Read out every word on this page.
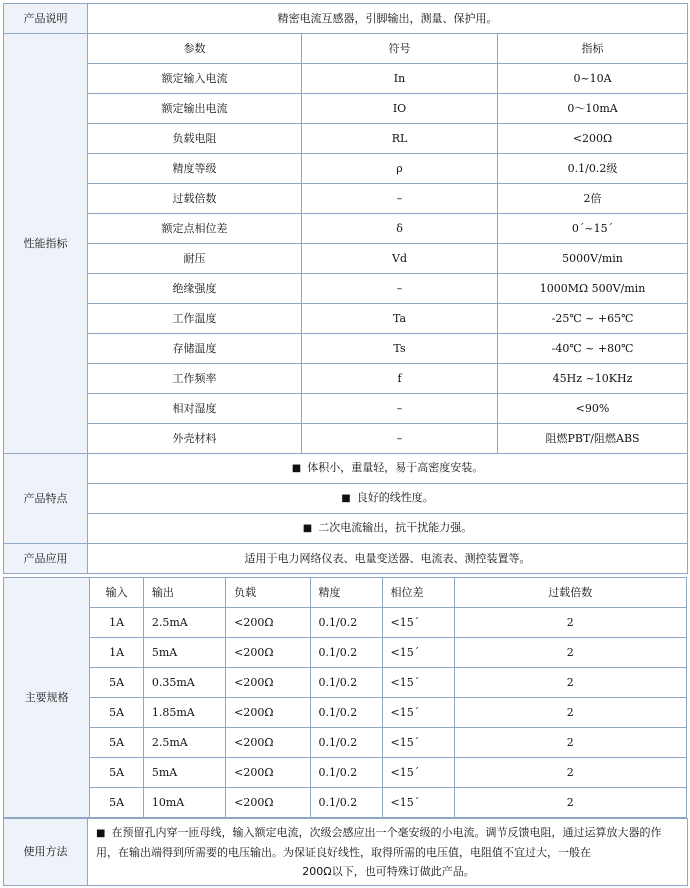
产品说明	精密电流互感器，引脚输出，测量、保护用。		
性能指标	参数	符号	指标
	额定输入电流	In	0~10A
	额定输出电流	IO	0～10mA
	负载电阻	RL	<200Ω
	精度等级	ρ	0.1/0.2级
	过载倍数	–	2倍
	额定点相位差	δ	0´~15´
	耐压	Vd	5000V/min
	绝缘强度	–	1000MΩ 500V/min
	工作温度	Ta	-25℃ ~ +65℃
	存储温度	Ts	-40℃ ~ +80℃
	工作频率	f	45Hz ~10KHz
	相对湿度	–	<90%
	外壳材料	–	阻燃PBT/阻燃ABS
产品特点	■ 体积小，重量轻，易于高密度安装。		
	■ 良好的线性度。		
	■ 二次电流输出，抗干扰能力强。		
产品应用	适用于电力网络仪表、电量变送器、电流表、测控装置等。		
主要规格	输入	输出	负载	精度	相位差	过载倍数
	1A	2.5mA	<200Ω	0.1/0.2	<15´	2
	1A	5mA	<200Ω	0.1/0.2	<15´	2
	5A	0.35mA	<200Ω	0.1/0.2	<15´	2
	5A	1.85mA	<200Ω	0.1/0.2	<15´	2
	5A	2.5mA	<200Ω	0.1/0.2	<15´	2
	5A	5mA	<200Ω	0.1/0.2	<15´	2
	5A	10mA	<200Ω	0.1/0.2	<15´	2
使用方法	■ 在预留孔内穿一匝母线，输入额定电流，次级会感应出一个毫安级的小电流。调节反馈电阻，通过运算放大器的作用，在输出端得到所需要的电压输出。为保证良好线性，取得所需的电压值，电阻值不宜过大，一般在
200Ω以下，也可特殊订做此产品。
